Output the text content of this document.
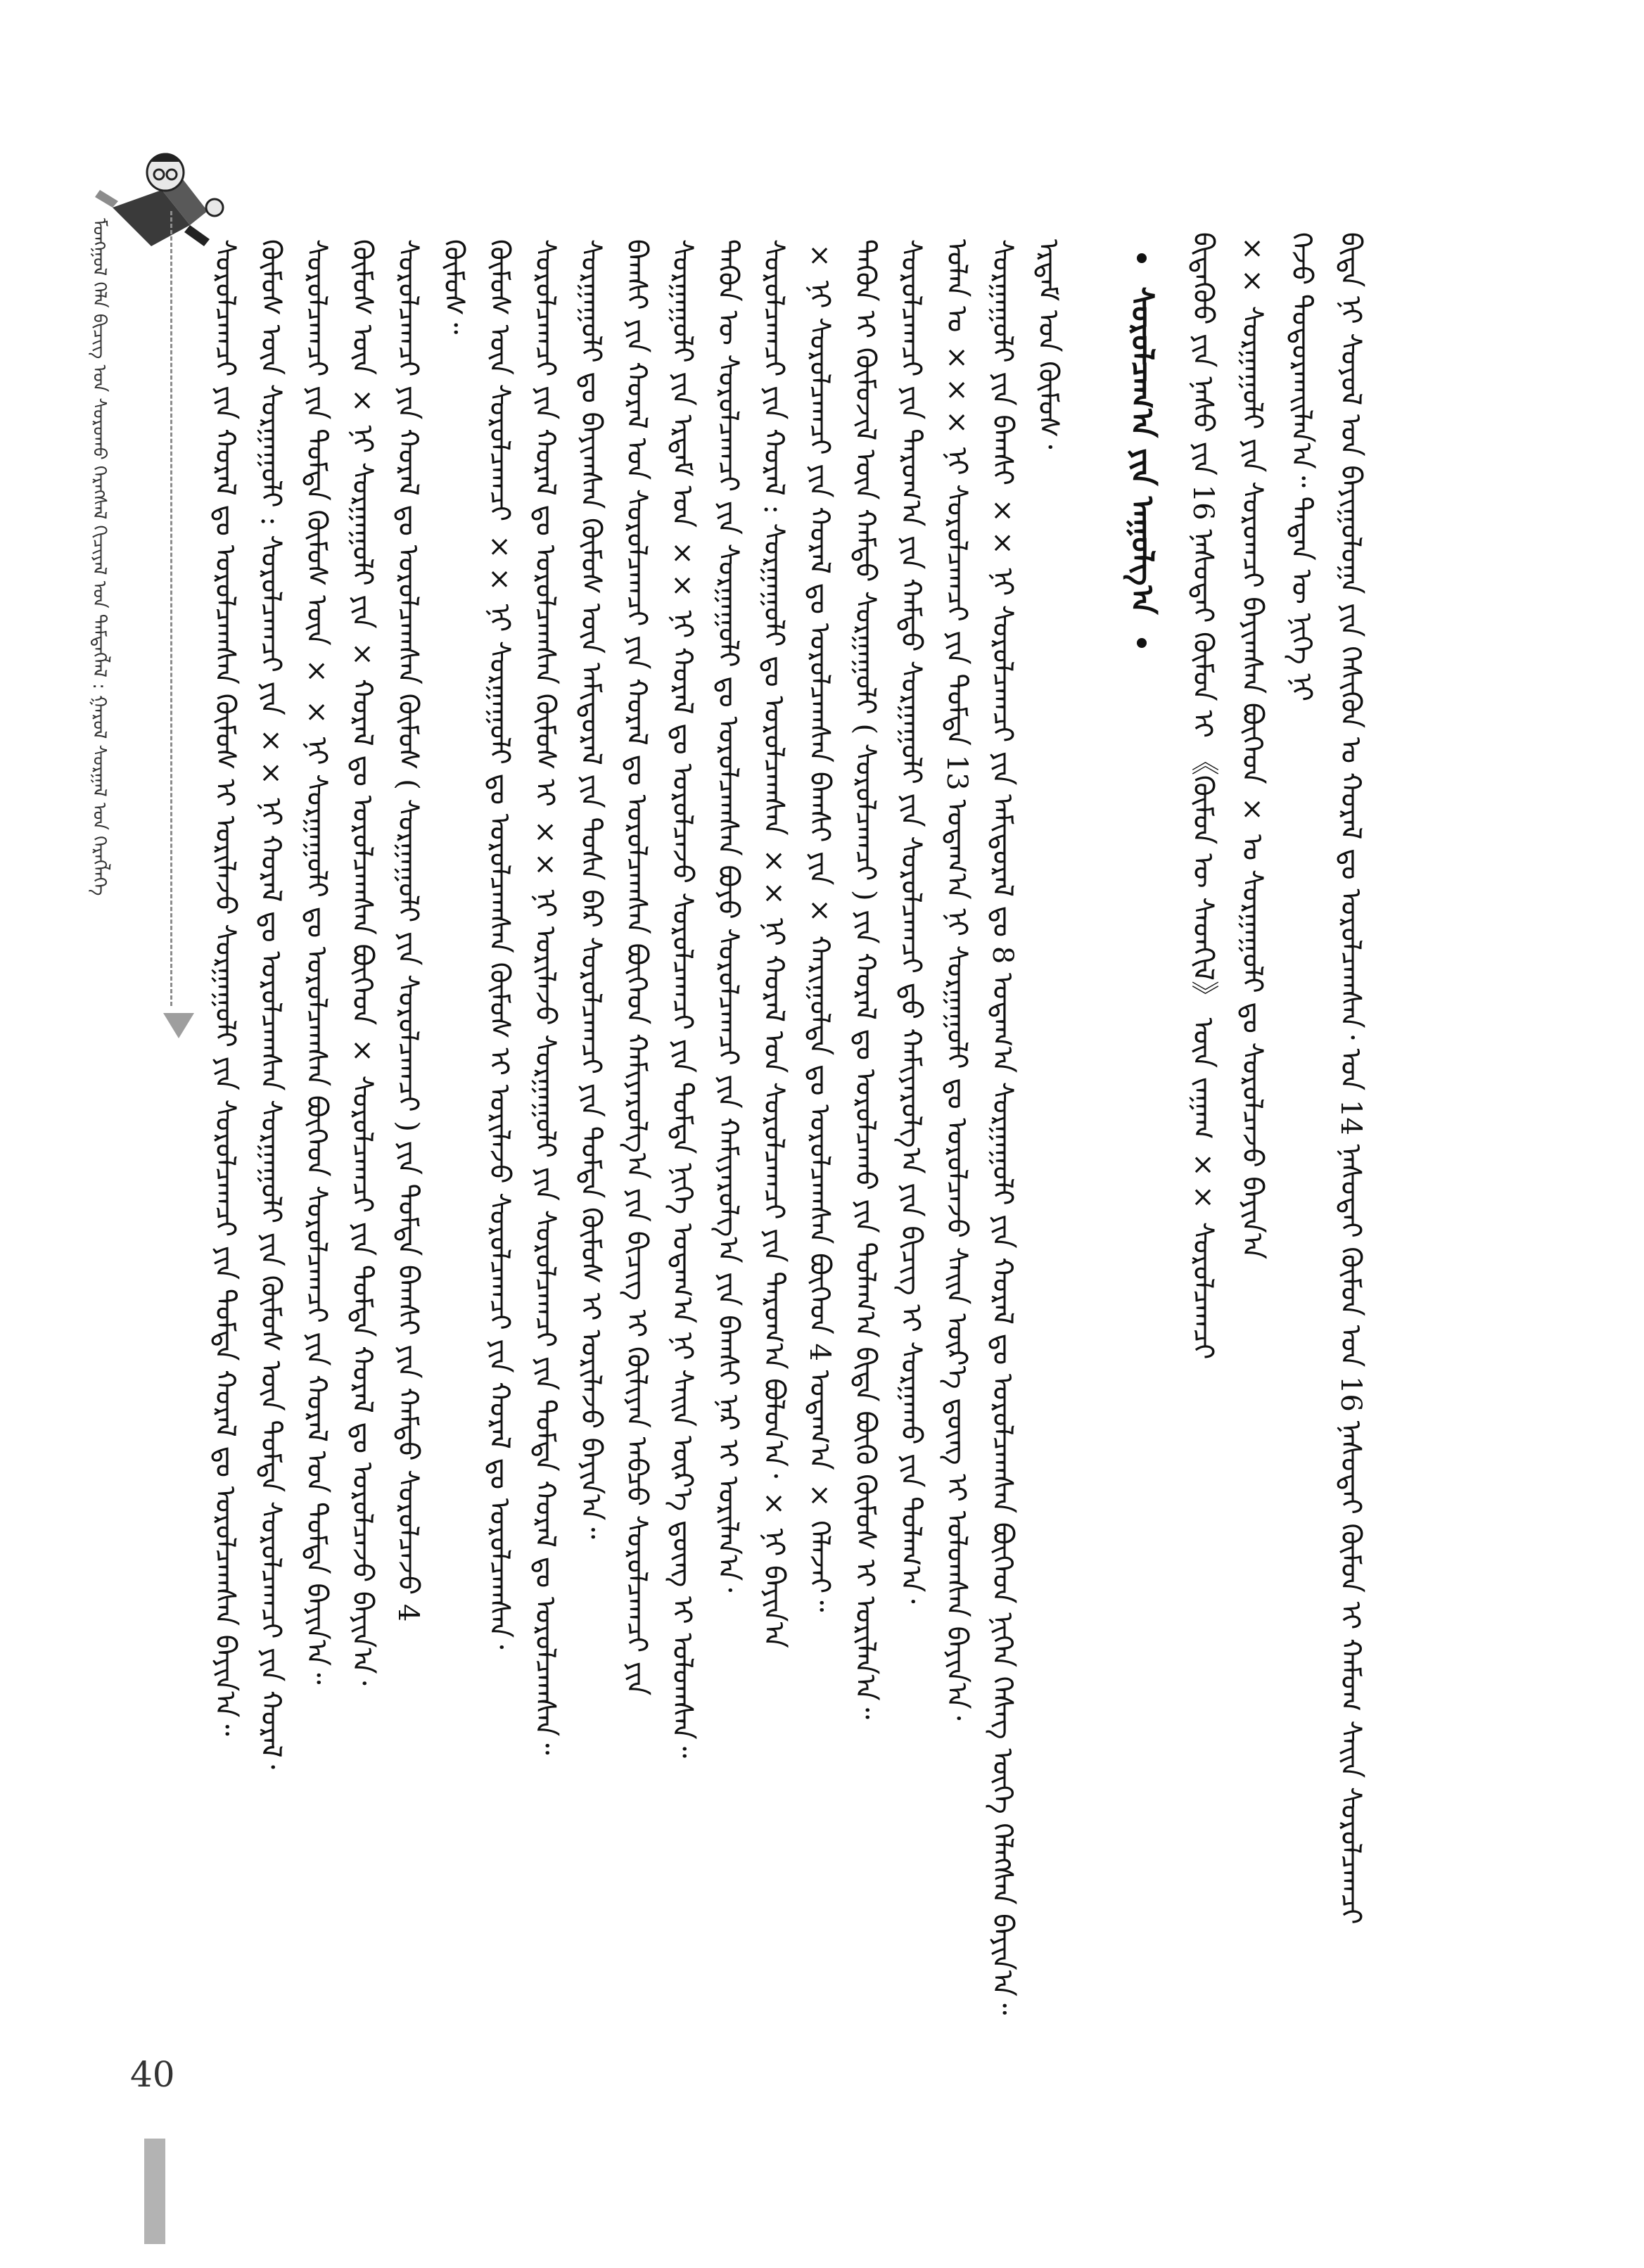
ᠮᠣᠩᠭᠣᠯ ᠬᠡᠯᠡ ᠪᠢᠴᠢᠭ ᠤᠨ ᠰᠤᠷᠤᠬᠤ ᠬᠡᠷᠡᠭᠰᠡᠯ ᠬᠢᠴᠢᠶᠡᠯ ᠤᠨ ᠲᠡᠮᠳᠡᠭᠯᠡᠯ : ᠭᠠᠷᠤᠯ ᠰᠤᠷᠭᠠᠯ ᠤᠨ ᠬᠡᠷᠡᠭᠯᠡᠭᠡ	ᠪᠢᠳᠡ ᠨᠢ ᠰᠣᠶᠤᠯ ᠤᠨ ᠪᠠᠶᠢᠭᠤᠯᠤᠭᠠ ᠶᠢᠨ ᠭᠡᠰᠢᠭᠦᠨ ᠤ ᠬᠤᠷᠠᠯ ᠳᠤ ᠣᠷᠣᠯᠴᠠᠭᠰᠠᠨ᠂ ᠣᠨ 14 ᠨᠠᠰᠤᠲᠠᠢ ᠬᠦᠮᠦᠨ ᠣᠨ 16 ᠨᠠᠰᠤᠲᠠᠢ ᠬᠦᠮᠦᠨ ᠢ ᠬᠠᠮᠤᠭ ᠰᠠᠢᠨ ᠰᠤᠷᠤᠯᠴᠠᠭᠴᠢ
ᠭᠡᠵᠦ ᠲᠣᠳᠤᠷᠬᠠᠢᠯᠠᠨ᠎ᠠ᠃ ᠲᠡᠳᠡᠨ ᠦ ᠨᠢᠭᠡ ᠨᠢ
×× ᠰᠤᠷᠭᠠᠭᠤᠯᠢ ᠶᠢᠨ ᠰᠤᠷᠤᠭᠴᠢ ᠪᠠᠶᠢᠭᠰᠠᠨ ᠪᠥᠭᠡᠳ × ᠤ ᠰᠤᠷᠭᠠᠭᠤᠯᠢ ᠳᠤ ᠰᠤᠷᠤᠯᠴᠠᠵᠤ ᠪᠠᠶᠢᠨ᠎ᠠ
ᠪᠢᠲᠡᠭᠦᠦ ᠶᠢᠨ ᠨᠠᠰᠤ ᠶᠢᠨ 16 ᠨᠠᠰᠤᠲᠠᠢ ᠬᠦᠮᠦᠨ ᠢ 《ᠬᠦᠮᠦᠨ ᠦ ᠰᠡᠳᠬᠢᠯ》 ᠦᠨ ᠵᠠᠭᠠᠭ ×× ᠰᠤᠷᠤᠯᠴᠠᠭᠴᠢ
ᠰᠤᠷᠤᠯᠴᠠᠭ᠎ᠠ ᠶᠢᠨ ᠠᠭᠤᠯᠭ᠎ᠠ
ᠡᠷᠳᠡᠮ ᠤᠨ ᠬᠦᠮᠦᠰ᠂
ᠰᠤᠷᠭᠠᠭᠤᠯᠢ ᠶᠢᠨ ᠪᠠᠭᠰᠢ ×× ᠨᠢ ᠰᠤᠷᠤᠯᠴᠠᠭᠴᠢ ᠶᠢᠨ ᠠᠮᠢᠳᠤᠷᠠᠯ ᠳᠤ 8 ᠤᠳᠠᠭ᠎ᠠ ᠰᠤᠷᠭᠠᠭᠤᠯᠢ ᠶᠢᠨ ᠬᠤᠷᠠᠯ ᠳᠤ ᠣᠷᠣᠯᠴᠠᠭᠰᠠᠨ ᠪᠥᠭᠡᠳ ᠨᠢᠭᠡᠨ ᠬᠡᠰᠡᠭ ᠦᠭᠡ ᠬᠡᠯᠡᠭᠰᠡᠨ ᠪᠠᠶᠢᠨ᠎ᠠ᠃
ᠣᠯᠠᠨ ᠤ ××× ᠨᠢ ᠰᠤᠷᠤᠯᠴᠠᠭᠴᠢ ᠶᠢᠨ ᠳᠤᠮᠳᠠ 13 ᠤᠳᠠᠭ᠎ᠠ ᠨᠢ ᠰᠤᠷᠭᠠᠭᠤᠯᠢ ᠳᠤ ᠣᠷᠣᠯᠴᠠᠵᠤ ᠰᠠᠢᠨ ᠦᠷ᠎ᠡ ᠳ᠋ᠦᠩ ᠢ ᠣᠯᠤᠭᠰᠠᠨ ᠪᠠᠶᠢᠨ᠎ᠠ᠂
ᠰᠤᠷᠤᠯᠴᠠᠭᠴᠢ ᠶᠢᠨ ᠳᠠᠷᠤᠭ᠎ᠠ ᠶᠢᠨ ᠬᠠᠮᠲᠤ ᠰᠤᠷᠭᠠᠭᠤᠯᠢ ᠶᠢᠨ ᠰᠤᠷᠤᠯᠴᠠᠭᠴᠢ ᠳ᠋ᠤ ᠬᠠᠮᠢᠶᠠᠷᠤᠯᠭ᠎ᠠ ᠶᠢᠨ ᠪᠢᠴᠢᠭ ᠢ ᠰᠤᠷᠭᠠᠬᠤ ᠶᠢᠨ ᠲᠤᠯᠠᠭ᠎ᠠ᠂
ᠲᠡᠭᠦᠨ ᠢ ᠬᠦᠮᠦᠵᠢᠯ ᠦᠨ ᠬᠠᠮᠲᠤ ᠰᠤᠷᠭᠠᠭᠤᠯᠢ ( ᠰᠤᠷᠤᠯᠴᠠᠭᠴᠢ ) ᠶᠢᠨ ᠬᠤᠷᠠᠯ ᠳᠤ ᠣᠷᠣᠯᠴᠠᠬᠤ ᠶᠢᠨ ᠲᠤᠯᠠᠭ᠎ᠠ ᠪᠢᠳᠡ ᠪᠦᠬᠦ ᠬᠦᠮᠦᠰ ᠢ ᠤᠷᠢᠯᠠᠨ᠎ᠠ᠃
× ᠨᠢ ᠰᠤᠷᠤᠯᠴᠠᠭᠴᠢ ᠶᠢᠨ ᠬᠤᠷᠠᠯ ᠳᠤ ᠣᠷᠣᠯᠴᠠᠭᠰᠠᠨ ᠪᠠᠭᠰᠢ ᠶᠢᠨ × ᠬᠠᠷᠢᠭᠤᠯᠲᠠ ᠳᠤ ᠣᠷᠣᠯᠴᠠᠭᠰᠠᠨ ᠪᠥᠭᠡᠳ 4 ᠤᠳᠠᠭ᠎ᠠ × ᠬᠡᠯᠡᠵᠡᠢ᠃
ᠰᠤᠷᠤᠯᠴᠠᠭᠴᠢ ᠶᠢᠨ ᠬᠤᠷᠠᠯ : ᠰᠤᠷᠭᠠᠭᠤᠯᠢ ᠳᠤ ᠣᠷᠣᠯᠴᠠᠭᠰᠠᠨ ×× ᠨᠢ ᠬᠤᠷᠠᠯ ᠤᠨ ᠰᠤᠷᠤᠯᠴᠠᠭᠴᠢ ᠶᠢᠨ ᠳᠠᠷᠤᠭ᠎ᠠ ᠪᠤᠯᠤᠨ᠎ᠠ᠂ × ᠨᠢ ᠪᠠᠶᠢᠨ᠎ᠠ
ᠲᠡᠭᠦᠨ ᠦ ᠰᠤᠷᠤᠯᠴᠠᠭᠴᠢ ᠶᠢᠨ ᠰᠤᠷᠭᠠᠭᠤᠯᠢ ᠳᠤ ᠣᠷᠣᠯᠴᠠᠭᠰᠠᠨ ᠪᠤᠶᠤ ᠰᠤᠷᠤᠯᠴᠠᠭᠴᠢ ᠶᠢᠨ ᠬᠠᠮᠢᠶᠠᠷᠤᠯᠭ᠎ᠠ ᠶᠢᠨ ᠪᠠᠭᠰᠢ ᠨᠠᠷ ᠢ ᠤᠷᠢᠯᠠᠨ᠎ᠠ᠂
ᠰᠤᠷᠭᠠᠭᠤᠯᠢ ᠶᠢᠨ ᠡᠷᠳᠡᠮ ᠤᠨ ×× ᠨᠢ ᠬᠤᠷᠠᠯ ᠳᠤ ᠣᠷᠣᠯᠴᠠᠵᠤ ᠰᠤᠷᠤᠯᠴᠠᠭᠴᠢ ᠶᠢᠨ ᠳᠤᠮᠳᠠ ᠨᠢᠭᠡ ᠤᠳᠠᠭ᠎ᠠ ᠨᠢ ᠰᠠᠢᠨ ᠦᠷ᠎ᠡ ᠳ᠋ᠦᠩ ᠢ ᠣᠯᠤᠭᠰᠠᠨ᠃
ᠪᠠᠭᠰᠢ ᠶᠢᠨ ᠬᠤᠷᠠᠯ ᠤᠨ ᠰᠤᠷᠤᠯᠴᠠᠭᠴᠢ ᠶᠢᠨ ᠬᠤᠷᠠᠯ ᠳᠤ ᠣᠷᠣᠯᠴᠠᠭᠰᠠᠨ ᠪᠥᠭᠡᠳ ᠬᠠᠮᠢᠶᠠᠷᠤᠯᠭ᠎ᠠ ᠶᠢᠨ ᠪᠢᠴᠢᠭ ᠢ ᠬᠦᠯᠢᠶᠡᠨ ᠠᠪᠴᠤ ᠰᠤᠷᠤᠯᠴᠠᠭᠴᠢ ᠶᠢᠨ
ᠰᠤᠷᠭᠠᠭᠤᠯᠢ ᠳᠤ ᠪᠠᠶᠢᠭᠰᠠᠨ ᠬᠦᠮᠦᠰ ᠦᠨ ᠠᠮᠢᠳᠤᠷᠠᠯ ᠶᠢᠨ ᠲᠤᠰᠠ ᠪᠡᠷ ᠰᠤᠷᠤᠯᠴᠠᠭᠴᠢ ᠶᠢᠨ ᠳᠤᠮᠳᠠ ᠬᠦᠮᠦᠰ ᠢ ᠤᠷᠢᠯᠠᠵᠤ ᠪᠠᠶᠢᠨ᠎ᠠ᠃
ᠰᠤᠷᠤᠯᠴᠠᠭᠴᠢ ᠶᠢᠨ ᠬᠤᠷᠠᠯ ᠳᠤ ᠣᠷᠣᠯᠴᠠᠭᠰᠠᠨ ᠬᠦᠮᠦᠰ ᠢ ×× ᠨᠢ ᠤᠷᠢᠯᠠᠵᠤ ᠰᠤᠷᠭᠠᠭᠤᠯᠢ ᠶᠢᠨ ᠰᠤᠷᠤᠯᠴᠠᠭᠴᠢ ᠶᠢᠨ ᠳᠤᠮᠳᠠ ᠬᠤᠷᠠᠯ ᠳᠤ ᠣᠷᠣᠯᠴᠠᠭᠰᠠᠨ᠃
ᠬᠦᠮᠦᠰ ᠦᠨ ᠰᠤᠷᠤᠯᠴᠠᠭᠴᠢ ×× ᠨᠢ ᠰᠤᠷᠭᠠᠭᠤᠯᠢ ᠳᠤ ᠣᠷᠣᠯᠴᠠᠭᠰᠠᠨ ᠬᠦᠮᠦᠰ ᠢ ᠤᠷᠢᠯᠠᠵᠤ ᠰᠤᠷᠤᠯᠴᠠᠭᠴᠢ ᠶᠢᠨ ᠬᠤᠷᠠᠯ ᠳᠤ ᠣᠷᠣᠯᠴᠠᠭᠰᠠᠨ᠂
ᠬᠦᠮᠦᠰ᠃
ᠰᠤᠷᠤᠯᠴᠠᠭᠴᠢ ᠶᠢᠨ ᠬᠤᠷᠠᠯ ᠳᠤ ᠣᠷᠣᠯᠴᠠᠭᠰᠠᠨ ᠬᠦᠮᠦᠰ ( ᠰᠤᠷᠭᠠᠭᠤᠯᠢ ᠶᠢᠨ ᠰᠤᠷᠤᠯᠴᠠᠭᠴᠢ ) ᠶᠢᠨ ᠳᠤᠮᠳᠠ ᠪᠠᠭᠰᠢ ᠶᠢᠨ ᠬᠠᠮᠲᠤ ᠰᠤᠷᠤᠯᠴᠠᠵᠤ 4
ᠬᠦᠮᠦᠰ ᠦᠨ × ᠨᠢ ᠰᠤᠷᠭᠠᠭᠤᠯᠢ ᠶᠢᠨ × ᠬᠤᠷᠠᠯ ᠳᠤ ᠣᠷᠣᠯᠴᠠᠭᠰᠠᠨ ᠪᠥᠭᠡᠳ × ᠰᠤᠷᠤᠯᠴᠠᠭᠴᠢ ᠶᠢᠨ ᠳᠤᠮᠳᠠ ᠬᠤᠷᠠᠯ ᠳᠤ ᠣᠷᠣᠯᠴᠠᠵᠤ ᠪᠠᠶᠢᠨ᠎ᠠ᠂
ᠰᠤᠷᠤᠯᠴᠠᠭᠴᠢ ᠶᠢᠨ ᠳᠤᠮᠳᠠ ᠬᠦᠮᠦᠰ ᠦᠨ × × ᠨᠢ ᠰᠤᠷᠭᠠᠭᠤᠯᠢ ᠳᠤ ᠣᠷᠣᠯᠴᠠᠭᠰᠠᠨ ᠪᠥᠭᠡᠳ ᠰᠤᠷᠤᠯᠴᠠᠭᠴᠢ ᠶᠢᠨ ᠬᠤᠷᠠᠯ ᠤᠨ ᠳᠤᠮᠳᠠ ᠪᠠᠶᠢᠨ᠎ᠠ᠃
ᠬᠦᠮᠦᠰ ᠦᠨ ᠰᠤᠷᠭᠠᠭᠤᠯᠢ : ᠰᠤᠷᠤᠯᠴᠠᠭᠴᠢ ᠶᠢᠨ ×× ᠨᠢ ᠬᠤᠷᠠᠯ ᠳᠤ ᠣᠷᠣᠯᠴᠠᠭᠰᠠᠨ ᠰᠤᠷᠭᠠᠭᠤᠯᠢ ᠶᠢᠨ ᠬᠦᠮᠦᠰ ᠦᠨ ᠳᠤᠮᠳᠠ ᠰᠤᠷᠤᠯᠴᠠᠭᠴᠢ ᠶᠢᠨ ᠬᠤᠷᠠᠯ᠂
ᠰᠤᠷᠤᠯᠴᠠᠭᠴᠢ ᠶᠢᠨ ᠬᠤᠷᠠᠯ ᠳᠤ ᠣᠷᠣᠯᠴᠠᠭᠰᠠᠨ ᠬᠦᠮᠦᠰ ᠢ ᠤᠷᠢᠯᠠᠵᠤ ᠰᠤᠷᠭᠠᠭᠤᠯᠢ ᠶᠢᠨ ᠰᠤᠷᠤᠯᠴᠠᠭᠴᠢ ᠶᠢᠨ ᠳᠤᠮᠳᠠ ᠬᠤᠷᠠᠯ ᠳᠤ ᠣᠷᠣᠯᠴᠠᠭᠰᠠᠨ ᠪᠠᠶᠢᠨ᠎ᠠ᠃
40
